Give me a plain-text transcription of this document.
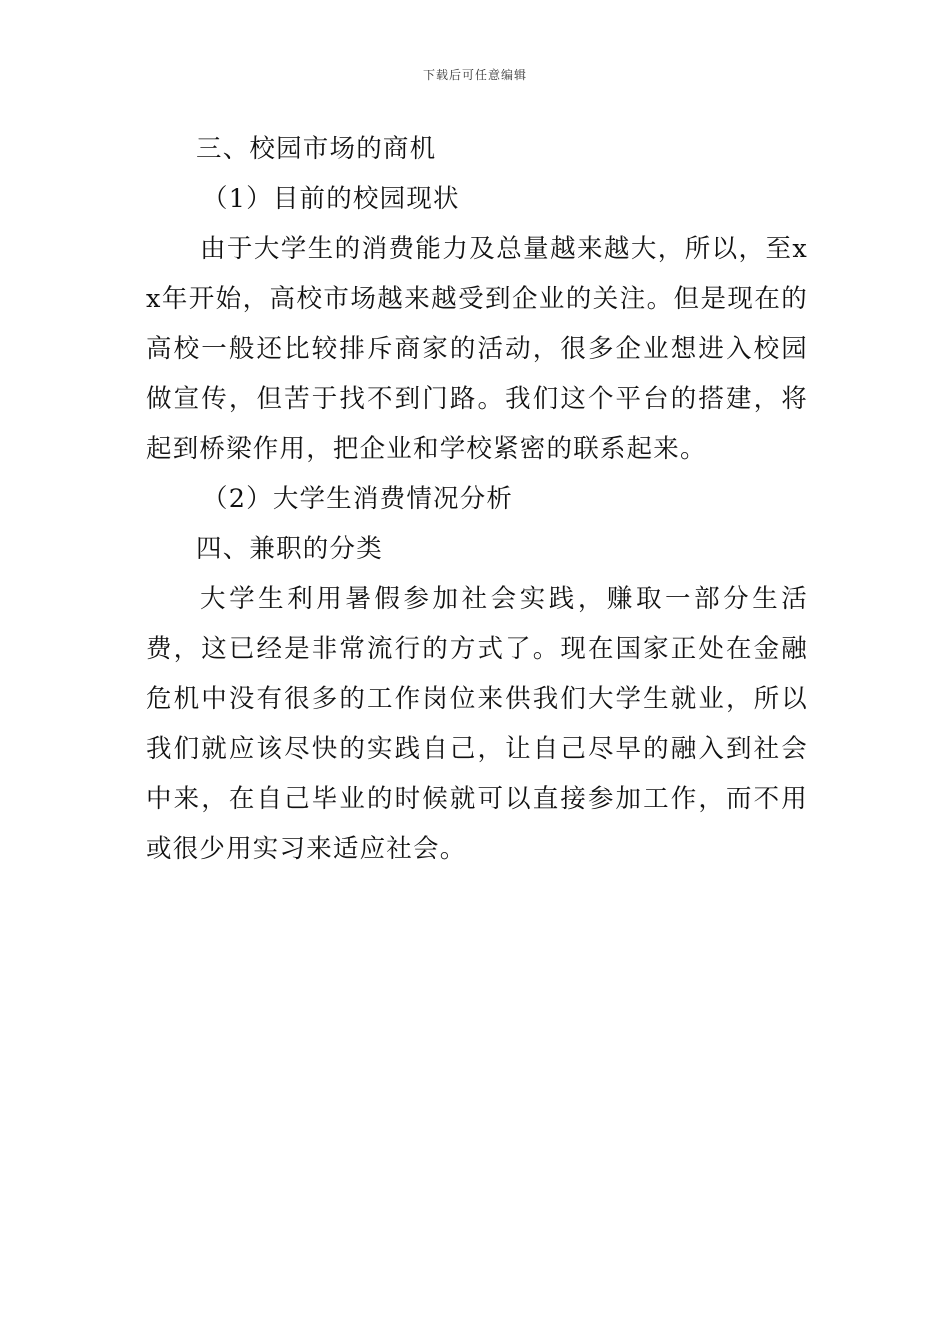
下载后可任意编辑

三、校园市场的商机

（1）目前的校园现状

由于大学生的消费能力及总量越来越大，所以，至xx年开始，高校市场越来越受到企业的关注。但是现在的高校一般还比较排斥商家的活动，很多企业想进入校园做宣传，但苦于找不到门路。我们这个平台的搭建，将起到桥梁作用，把企业和学校紧密的联系起来。

（2）大学生消费情况分析

四、兼职的分类

大学生利用暑假参加社会实践，赚取一部分生活费，这已经是非常流行的方式了。现在国家正处在金融危机中没有很多的工作岗位来供我们大学生就业，所以我们就应该尽快的实践自己，让自己尽早的融入到社会中来，在自己毕业的时候就可以直接参加工作，而不用或很少用实习来适应社会。
